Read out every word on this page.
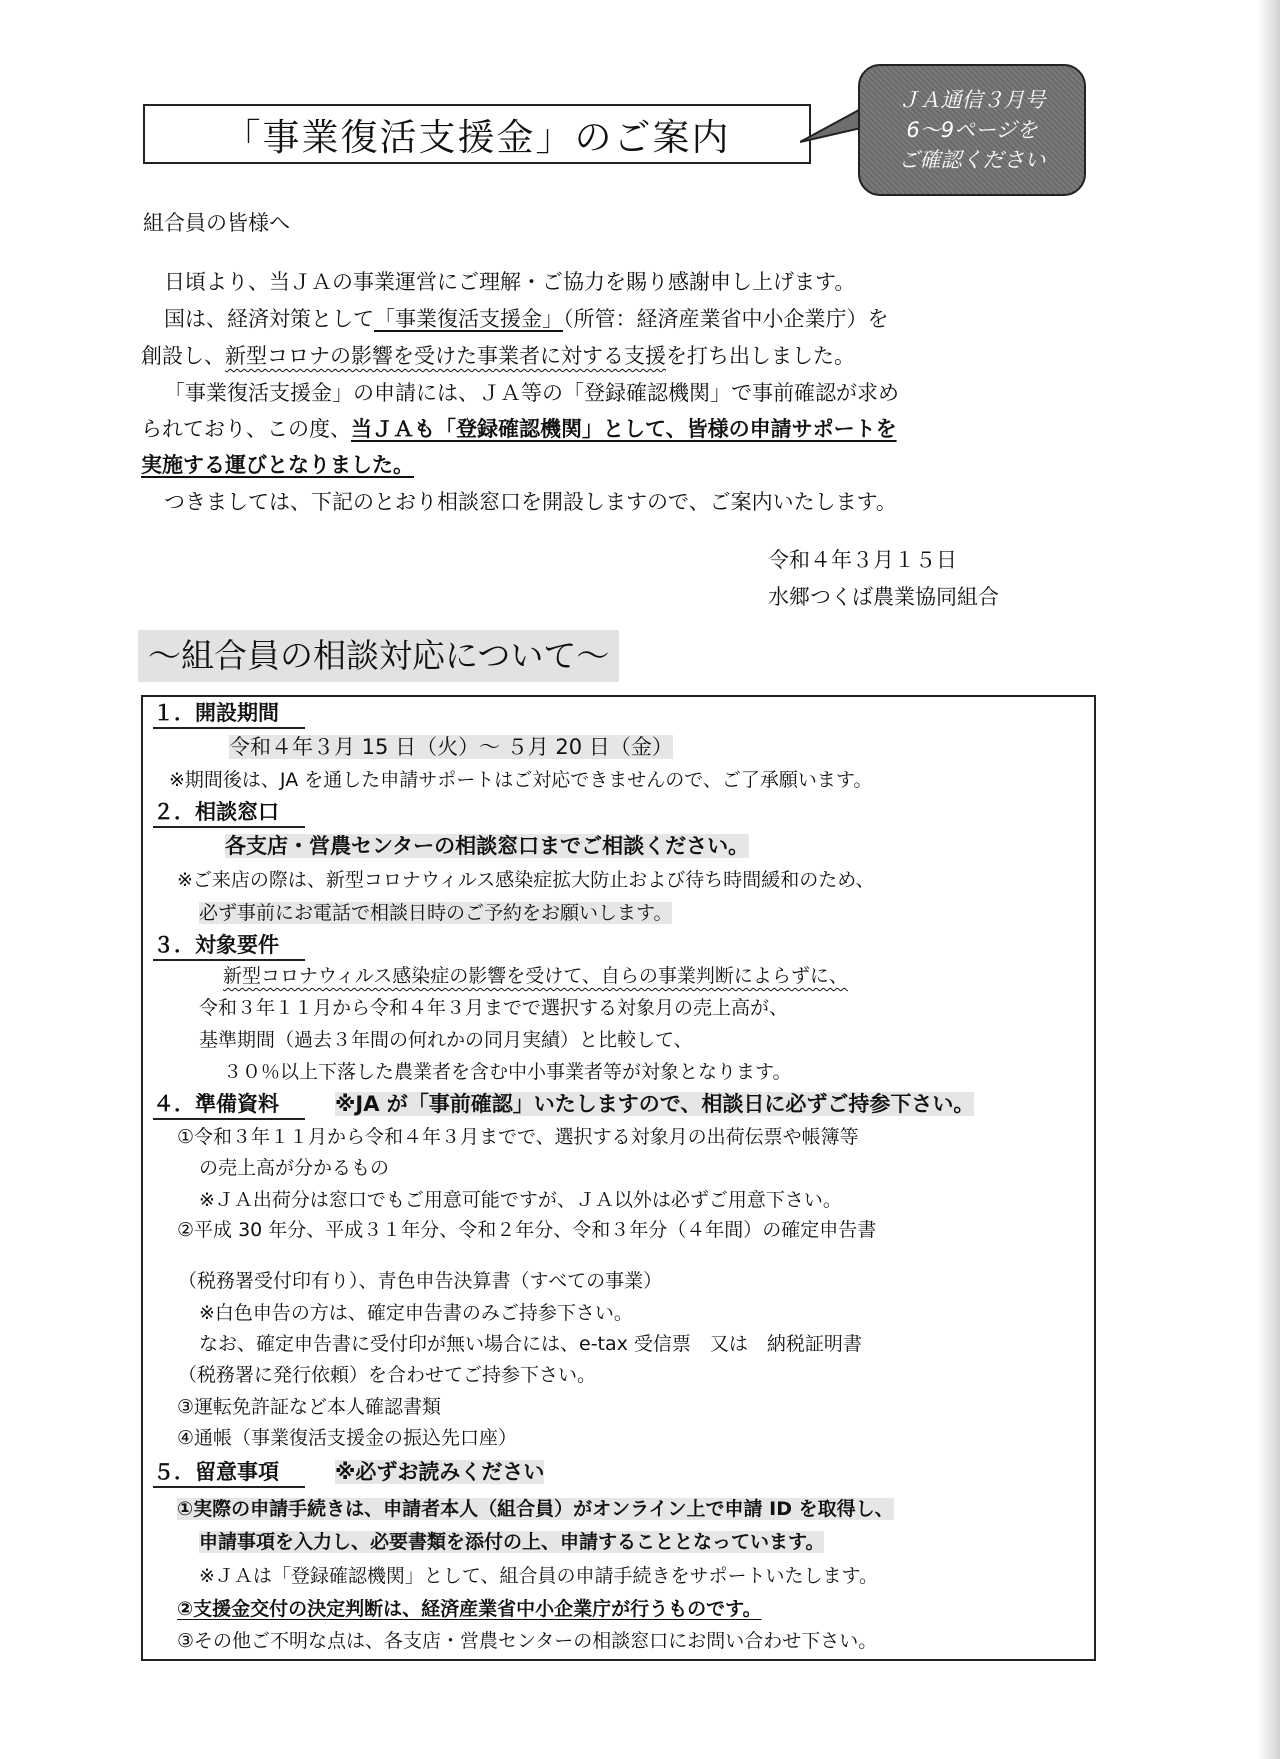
「事業復活支援金」のご案内
ＪＡ通信３月号
6～9ページを
ご確認ください
組合員の皆様へ
日頃より、当ＪＡの事業運営にご理解・ご協力を賜り感謝申し上げます。
国は、経済対策として「事業復活支援金」（所管：経済産業省中小企業庁）を
創設し、新型コロナの影響を受けた事業者に対する支援を打ち出しました。
「事業復活支援金」の申請には、ＪＡ等の「登録確認機関」で事前確認が求め
られており、この度、当ＪＡも「登録確認機関」として、皆様の申請サポートを
実施する運びとなりました。
つきましては、下記のとおり相談窓口を開設しますので、ご案内いたします。
令和４年３月１５日
水郷つくば農業協同組合
～組合員の相談対応について～
１．開設期間
令和４年３月 15 日（火）～ ５月 20 日（金）
※期間後は、JA を通した申請サポートはご対応できませんので、ご了承願います。
２．相談窓口
各支店・営農センターの相談窓口までご相談ください。
※ご来店の際は、新型コロナウィルス感染症拡大防止および待ち時間緩和のため、
必ず事前にお電話で相談日時のご予約をお願いします。
３．対象要件
新型コロナウィルス感染症の影響を受けて、自らの事業判断によらずに、
令和３年１１月から令和４年３月までで選択する対象月の売上高が、
基準期間（過去３年間の何れかの同月実績）と比較して、
３０％以上下落した農業者を含む中小事業者等が対象となります。
４．準備資料	※JA が「事前確認」いたしますので、相談日に必ずご持参下さい。
①令和３年１１月から令和４年３月までで、選択する対象月の出荷伝票や帳簿等
の売上高が分かるもの
※ＪＡ出荷分は窓口でもご用意可能ですが、ＪＡ以外は必ずご用意下さい。
②平成 30 年分、平成３１年分、令和２年分、令和３年分（４年間）の確定申告書
（税務署受付印有り）、青色申告決算書（すべての事業）
※白色申告の方は、確定申告書のみご持参下さい。
なお、確定申告書に受付印が無い場合には、e-tax 受信票　又は　納税証明書
（税務署に発行依頼）を合わせてご持参下さい。
③運転免許証など本人確認書類
④通帳（事業復活支援金の振込先口座）
５．留意事項	※必ずお読みください
①実際の申請手続きは、申請者本人（組合員）がオンライン上で申請 ID を取得し、
申請事項を入力し、必要書類を添付の上、申請することとなっています。
※ＪＡは「登録確認機関」として、組合員の申請手続きをサポートいたします。
②支援金交付の決定判断は、経済産業省中小企業庁が行うものです。
③その他ご不明な点は、各支店・営農センターの相談窓口にお問い合わせ下さい。
